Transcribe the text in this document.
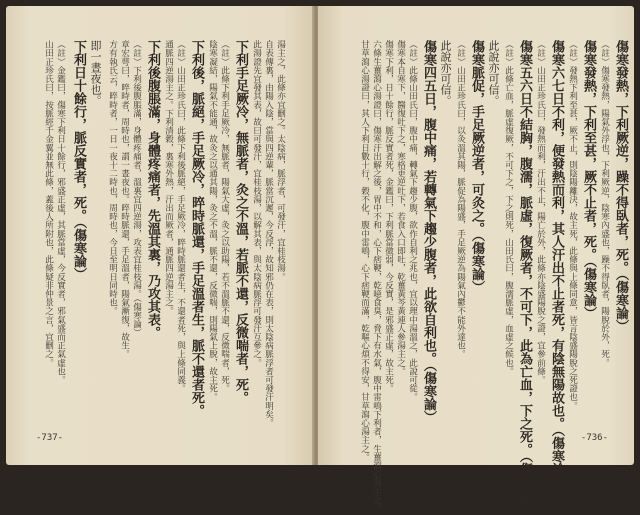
湯主之，此條亦宜刪之。太陰病，脈浮者，可發汗，宜桂枝湯。
自表傳裏，由陽入陰，當與四逆輩，脈當沉遲，今反浮，故知邪仍在表，則太陰病脈浮者可發汗明矣。
此湯證先宜發其表，故曰可發汗，宜桂枝湯，以解其表，與太陰病脈浮可發汗互參之。
下利手足厥冷，無脈者，灸之不溫，若脈不還，反微喘者，死。
（註）此條下利手足厥冷，無脈者，陽氣大虛，灸之以助陽，若不溫脈不還，反微喘者，死。
陰寒凝結，陽氣不能通，故灸之以通其陽，灸之不溫，脈不還，反微喘，則陽氣上脫，故主死。
下利後，脈絕，手足厥冷，晬時脈還，手足溫者生，脈不還者死。
（註）山田正珍氏曰，此條下利後脈絕，手足厥冷，晬時脈還者生，不還者死，與上條同義。
通脈四逆湯主之。下利清穀，裏寒外熱，汗出而厥者，通脈四逆湯主之。
下利後腹脹滿，身體疼痛者，先溫其裏，乃攻其表。
（註）下利後腹脹滿，身體疼痛者，溫裏宜四逆湯，攻表宜桂枝湯。（傷寒論）
章宏萼曰，晬時者，周時也，謂一晝夜也。晬時脈還，手足溫者，陽氣漸復，故生。
方有執氏云，晬時者，一日一夜十二時也，周時也，今日至明日同時也。
即一晝夜也。
下利日十餘行，脈反實者，死。（傷寒論）
（註）金鑑曰，傷寒下利日十餘行，邪盛正虛，其脈當虛，今反實者，邪氣盛而正氣虛也。
山田正珍氏曰，按脈經千金翼並無此條，蓋後人所附也，此條疑非仲景之言，宜刪之。
-737-
傷寒發熱，下利厥逆，躁不得臥者，死。（傷寒論）
（註）傷寒發熱，陽氣外浮也，下利厥逆，陰寒內盛也，躁不得臥者，陽脫於外，死。
傷寒發熱，下利至甚，厥不止者，死。（傷寒論）
（註）發熱下利至甚，厥不止，則陰陽離決，故主死，此條與上條同意，皆言陰盛陽脫之死證也。
傷寒六七日不利，便發熱而利，其人汗出不止者死，有陰無陽故也。（傷寒論）
（註）山田正珍氏曰，發熱而利，汗出不止，陽亡於外，此條亦陰盛陽脫之證，宜參前條。
傷寒五六日不結胸，腹濡，脈虛，復厥者，不可下，此為亡血，下之死。（傷寒論）
（註）此條亡血，脈虛復厥，不可下之，下之則死，山田氏曰，腹濡脈虛，血虛之候也。
此說亦可信。
傷寒脈促，手足厥逆者，可灸之。（傷寒論）
（註）山田正珍氏曰，以灸溫其陽，脈促為陽盛，手足厥逆為陽氣內鬱不能外達也。
此說亦可信。
傷寒四五日，腹中痛，若轉氣下趨少腹者，此欲自利也。（傷寒論）
（註）此條山田氏曰，腹中痛，轉氣下趨少腹，欲作自利之兆也，宜以理中湯溫之，此說可從。
傷寒本自寒下，醫復吐下之，寒格更逆吐下，若食入口即吐，乾薑黃芩黃連人參湯主之。
傷寒下利，日十餘行，脈反實者死，金鑑曰，下利脈當微弱，今反實，是邪盛正虛，故主死。
六條生薑瀉心湯證曰，傷寒汗出解之後，胃中不和，心下痞鞕，乾噫食臭，脅下有水氣，腹中雷鳴下利者，生薑瀉心湯主之。
甘草瀉心湯證曰，其人下利日數十行，穀不化，腹中雷鳴，心下痞鞕而滿，乾嘔心煩不得安，甘草瀉心湯主之。	-736-
